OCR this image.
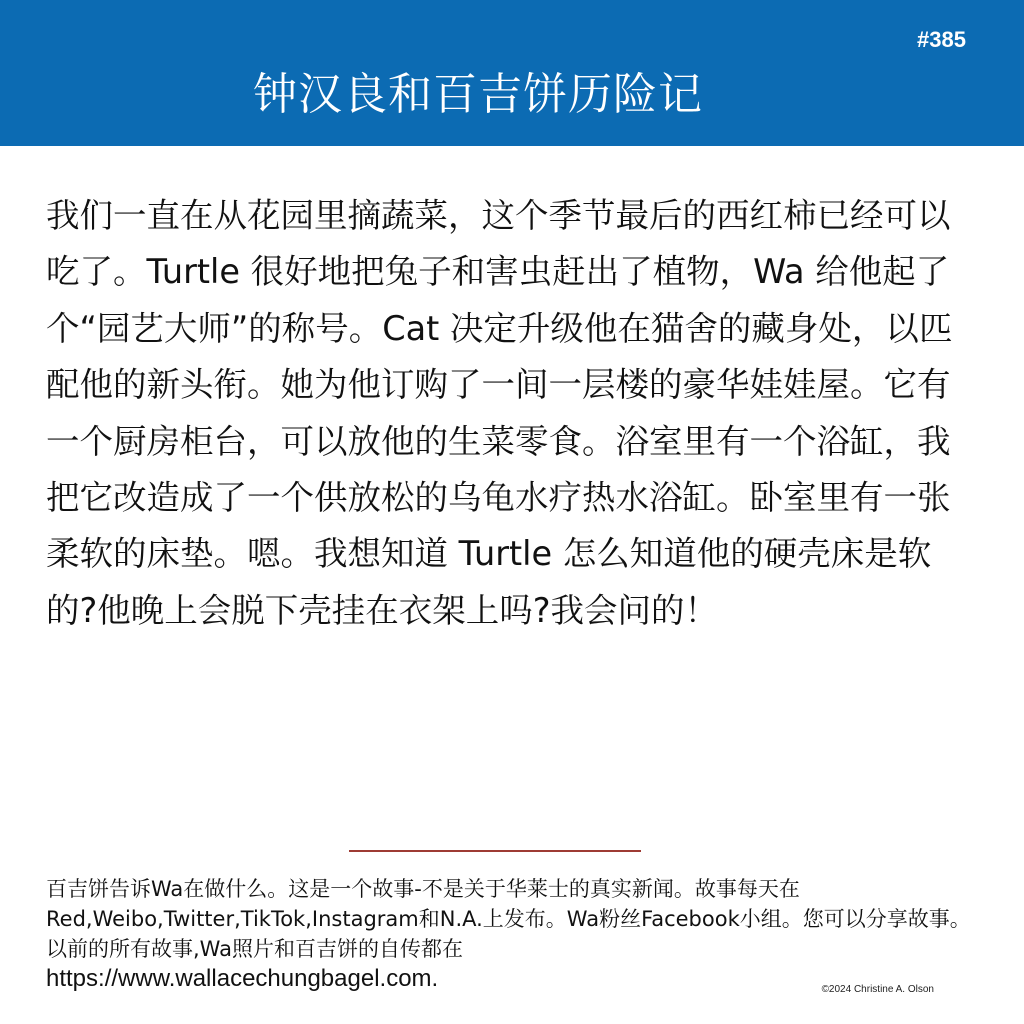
#385
钟汉良和百吉饼历险记

我们一直在从花园里摘蔬菜，这个季节最后的西红柿已经可以吃了。Turtle 很好地把兔子和害虫赶出了植物，Wa 给他起了个“园艺大师”的称号。Cat 决定升级他在猫舍的藏身处，以匹配他的新头衔。她为他订购了一间一层楼的豪华娃娃屋。它有一个厨房柜台，可以放他的生菜零食。浴室里有一个浴缸，我把它改造成了一个供放松的乌龟水疗热水浴缸。卧室里有一张柔软的床垫。嗯。我想知道 Turtle 怎么知道他的硬壳床是软的?他晚上会脱下壳挂在衣架上吗?我会问的！

百吉饼告诉Wa在做什么。这是一个故事-不是关于华莱士的真实新闻。故事每天在Red,Weibo,Twitter,TikTok,Instagram和N.A.上发布。Wa粉丝Facebook小组。您可以分享故事。以前的所有故事,Wa照片和百吉饼的自传都在
https://www.wallacechungbagel.com.	©2024 Christine A. Olson
